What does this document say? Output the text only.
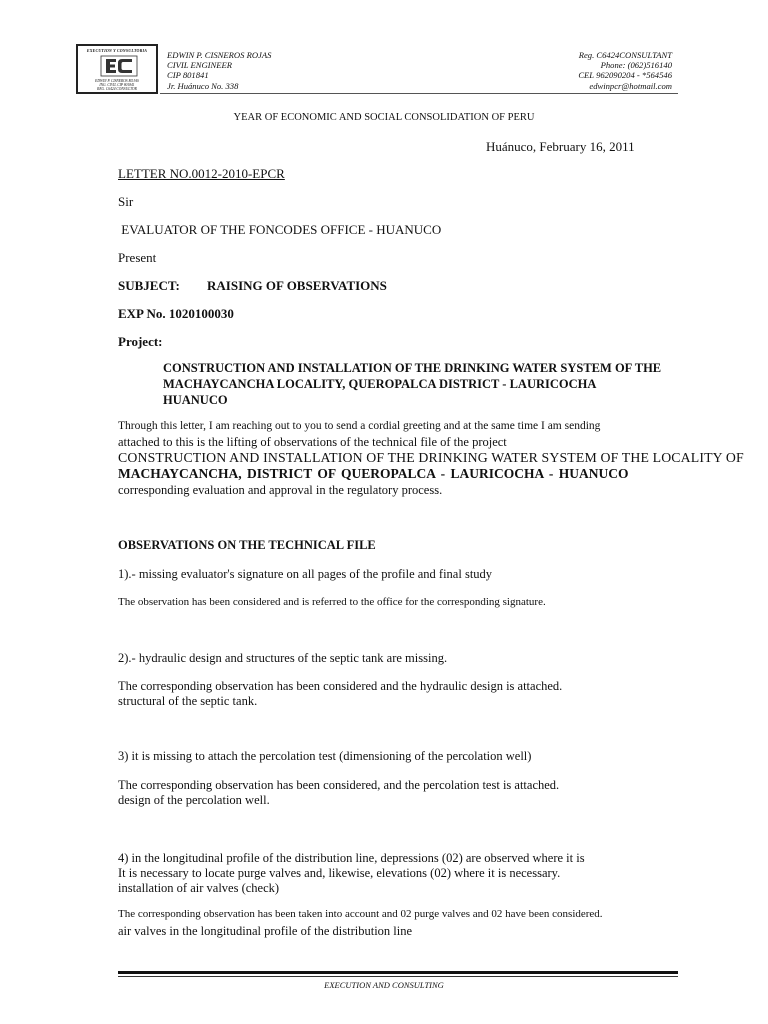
EXECUTION Y CONSULTORIA
EDWIN P. CISNEROS ROJAS
ING. CIVIL CIP 801841
REG. C6424 CONSULTOR
EDWIN P. CISNEROS ROJAS
CIVIL ENGINEER
CIP 801841
Jr. Huánuco No. 338
Reg. C6424CONSULTANT
Phone: (062)516140
CEL 962090204 - *564546
edwinpcr@hotmail.com
YEAR OF ECONOMIC AND SOCIAL CONSOLIDATION OF PERU
Huánuco, February 16, 2011
LETTER NO.0012-2010-EPCR
Sir
EVALUATOR OF THE FONCODES OFFICE - HUANUCO
Present
SUBJECT: RAISING OF OBSERVATIONS
EXP No. 1020100030
Project:
CONSTRUCTION AND INSTALLATION OF THE DRINKING WATER SYSTEM OF THE
MACHAYCANCHA LOCALITY, QUEROPALCA DISTRICT - LAURICOCHA
HUANUCO
Through this letter, I am reaching out to you to send a cordial greeting and at the same time I am sending
attached to this is the lifting of observations of the technical file of the project
CONSTRUCTION AND INSTALLATION OF THE DRINKING WATER SYSTEM OF THE LOCALITY OF
MACHAYCANCHA, DISTRICT OF QUEROPALCA - LAURICOCHA - HUANUCO
corresponding evaluation and approval in the regulatory process.
OBSERVATIONS ON THE TECHNICAL FILE
1).- missing evaluator's signature on all pages of the profile and final study
The observation has been considered and is referred to the office for the corresponding signature.
2).- hydraulic design and structures of the septic tank are missing.
The corresponding observation has been considered and the hydraulic design is attached.
structural of the septic tank.
3) it is missing to attach the percolation test (dimensioning of the percolation well)
The corresponding observation has been considered, and the percolation test is attached.
design of the percolation well.
4) in the longitudinal profile of the distribution line, depressions (02) are observed where it is
It is necessary to locate purge valves and, likewise, elevations (02) where it is necessary.
installation of air valves (check)
The corresponding observation has been taken into account and 02 purge valves and 02 have been considered.
air valves in the longitudinal profile of the distribution line
EXECUTION AND CONSULTING
